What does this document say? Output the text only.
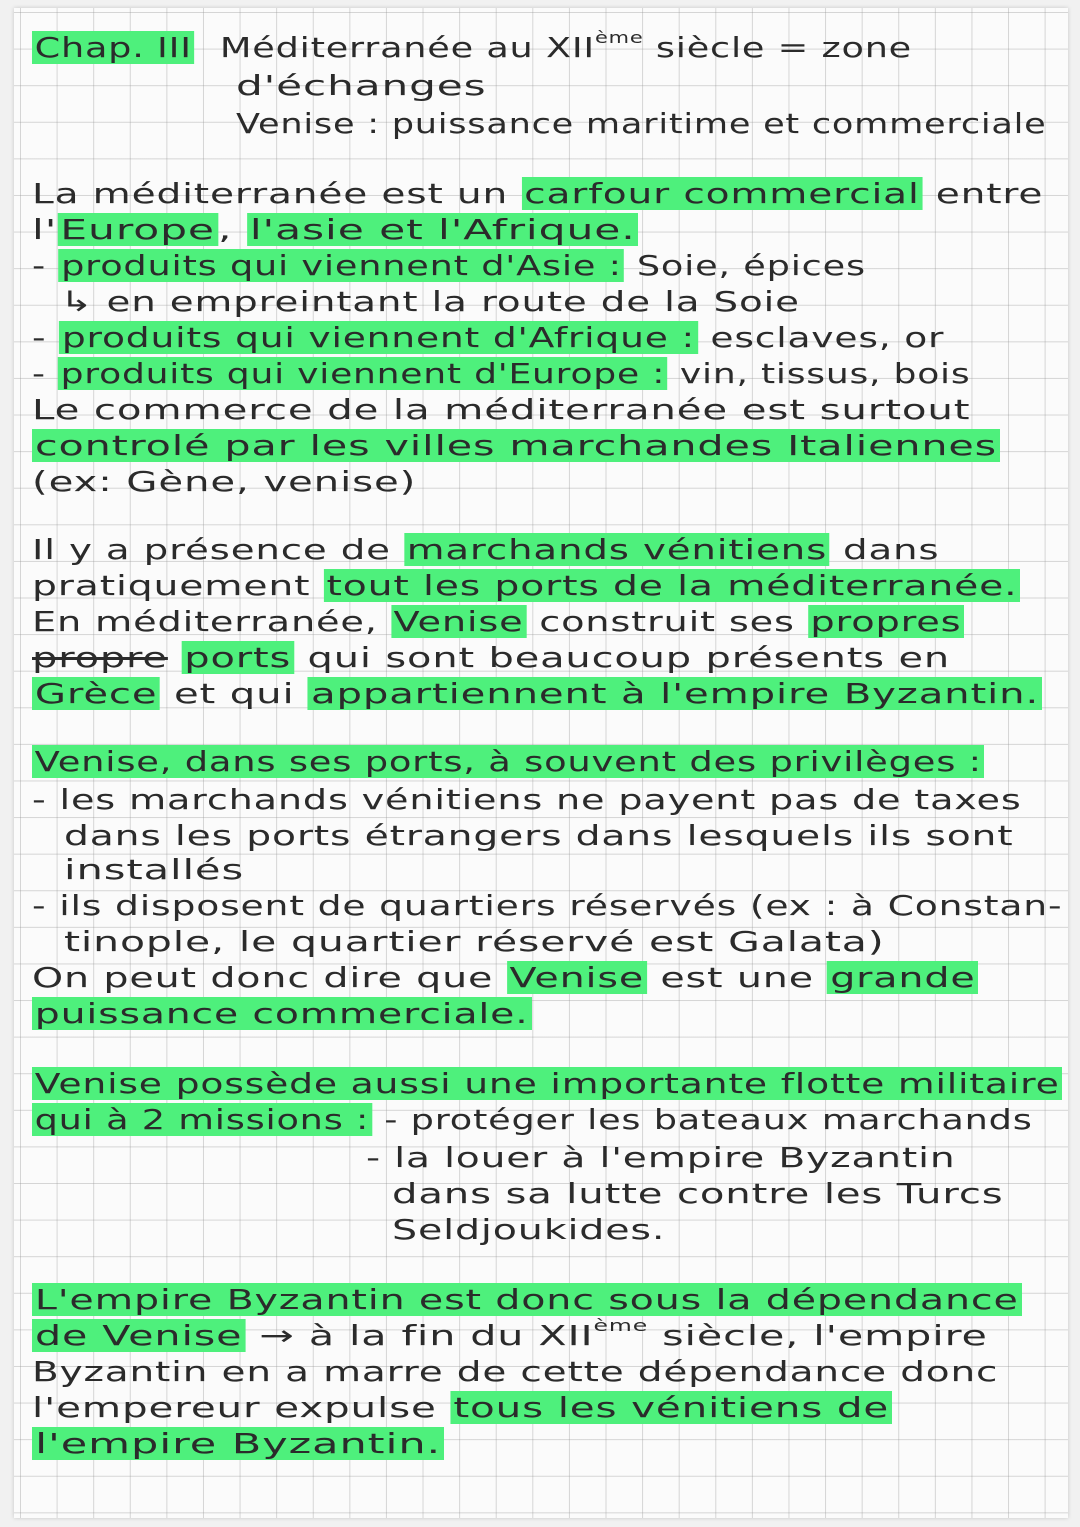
Chap. III Méditerranée au XIIème siècle = zone
d'échanges
Venise : puissance maritime et commerciale
La méditerranée est un carfour commercial entre
l' Europe , l'asie et l'Afrique.
- produits qui viennent d'Asie : Soie, épices
↳ en empreintant la route de la Soie
- produits qui viennent d'Afrique : esclaves, or
- produits qui viennent d'Europe : vin, tissus, bois
Le commerce de la méditerranée est surtout
controlé par les villes marchandes Italiennes
(ex: Gène, venise)
Il y a présence de marchands vénitiens dans
pratiquement tout les ports de la méditerranée.
En méditerranée, Venise construit ses propres
propre ports qui sont beaucoup présents en
Grèce et qui appartiennent à l'empire Byzantin.
Venise, dans ses ports, à souvent des privilèges :
- les marchands vénitiens ne payent pas de taxes
dans les ports étrangers dans lesquels ils sont
installés
- ils disposent de quartiers réservés (ex : à Constan-
tinople, le quartier réservé est Galata)
On peut donc dire que Venise est une grande
puissance commerciale.
Venise possède aussi une importante flotte militaire
qui à 2 missions : - protéger les bateaux marchands
- la louer à l'empire Byzantin
dans sa lutte contre les Turcs
Seldjoukides.
L'empire Byzantin est donc sous la dépendance
de Venise → à la fin du XIIème siècle, l'empire
Byzantin en a marre de cette dépendance donc
l'empereur expulse tous les vénitiens de
l'empire Byzantin.
